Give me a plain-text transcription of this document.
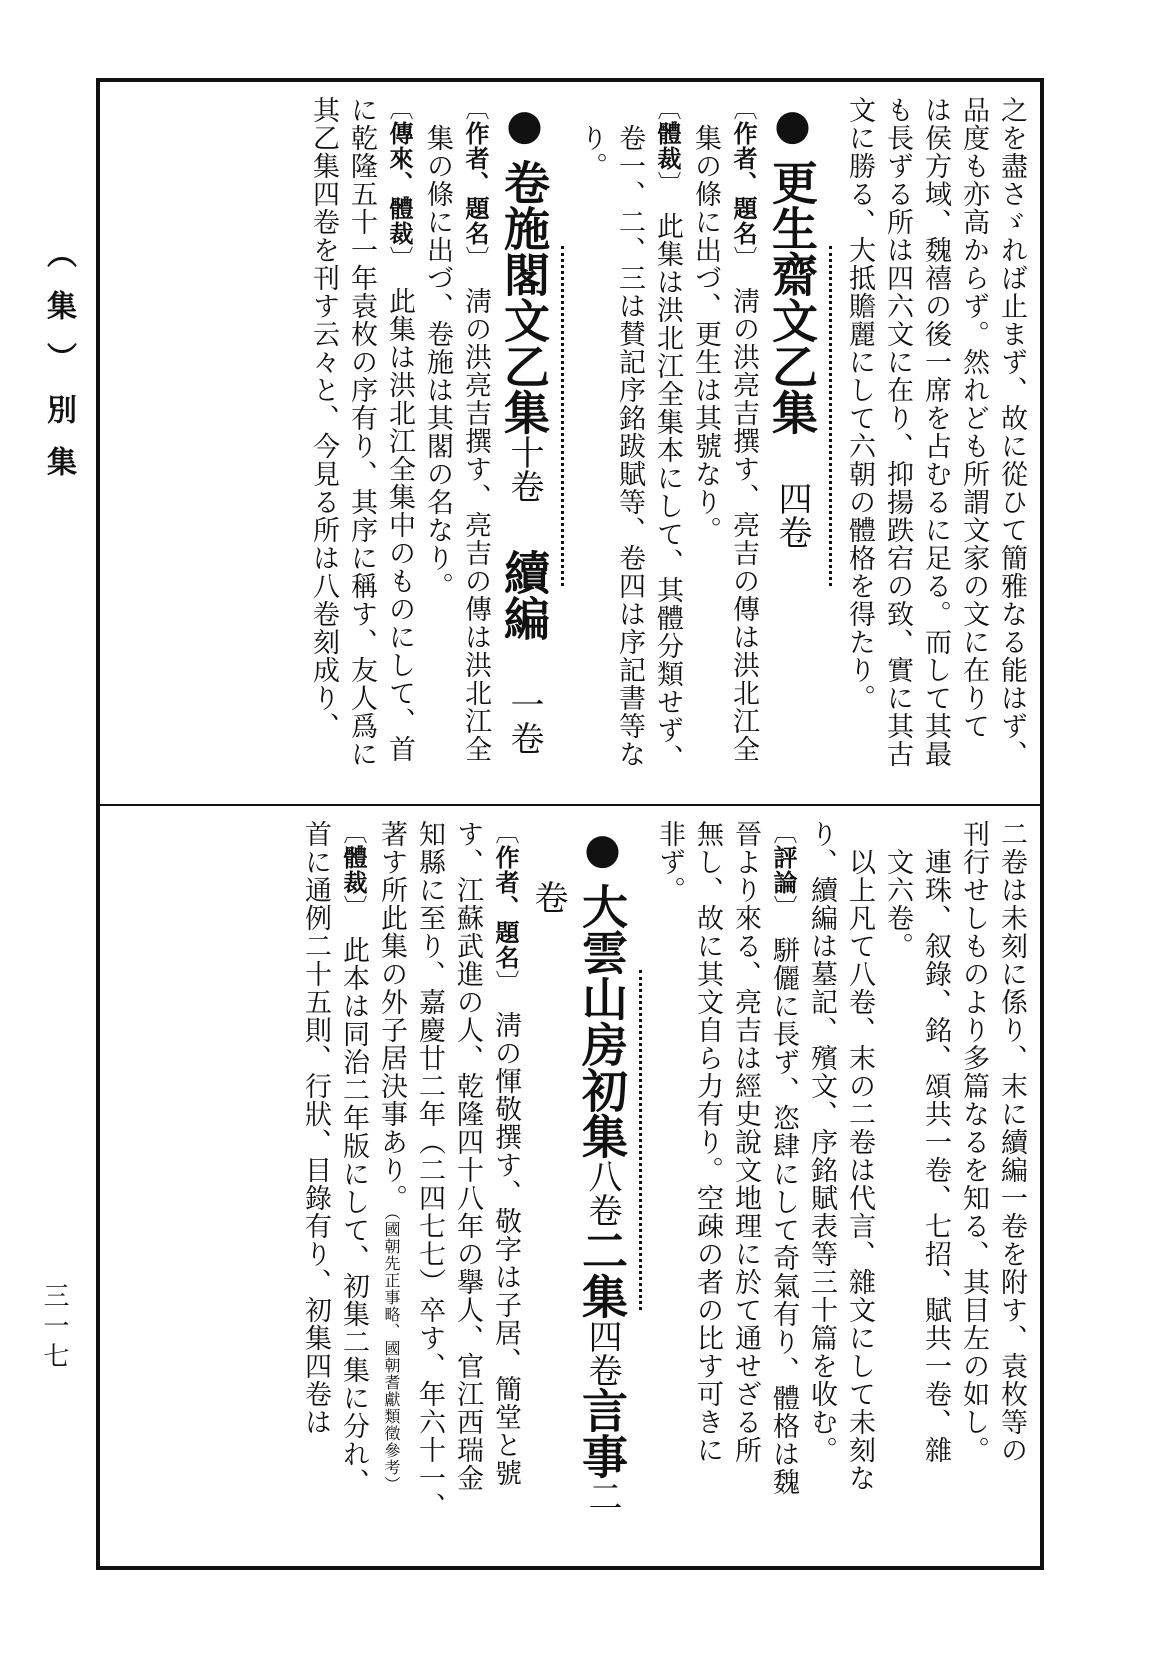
（集）別集
三一七

之を盡さゞれば止まず、故に從ひて簡雅なる能はず、

品度も亦高からず。然れども所謂文家の文に在りて

は侯方域、魏禧の後一席を占むるに足る。而して其最

も長ずる所は四六文に在り、抑揚跌宕の致、實に其古

文に勝る、大抵贍麗にして六朝の體格を得たり。

●更生齋文乙集　四卷

〔 作者、題名 〕　淸の洪亮吉撰す、亮吉の傳は洪北江全

集の條に出づ、更生は其號なり。

〔 體裁 〕　此集は洪北江全集本にして、其體分類せず、

卷一、二、三は賛記序銘跋賦等、卷四は序記書等な

り。

●卷施閣文乙集十卷　續編　一卷

〔 作者、題名 〕　淸の洪亮吉撰す、亮吉の傳は洪北江全

集の條に出づ、卷施は其閣の名なり。

〔 傳來、體裁 〕　此集は洪北江全集中のものにして、首

に乾隆五十一年袁枚の序有り、其序に稱す、友人爲に

其乙集四卷を刊す云々と、今見る所は八卷刻成り、

二卷は未刻に係り、末に續編一卷を附す、袁枚等の

刊行せしものより多篇なるを知る、其目左の如し。

連珠、叙錄、銘、頌共一卷、七招、賦共一卷、雜

文六卷。

以上凡て八卷、末の二卷は代言、雜文にして未刻な

り、續編は墓記、殯文、序銘賦表等三十篇を收む。

〔 評論 〕　駢儷に長ず、恣肆にして奇氣有り、體格は魏

晉より來る、亮吉は經史說文地理に於て通せざる所

無し、故に其文自ら力有り。空疎の者の比す可きに

非ず。

●大雲山房初集八卷二集四卷言事二

卷

〔 作者、題名 〕　淸の惲敬撰す、敬字は子居、簡堂と號

す、江蘇武進の人、乾隆四十八年の擧人、官江西瑞金

知縣に至り、嘉慶廿二年（二四七七）卒す、年六十一、

著す所此集の外子居決事あり。（國朝先正事略、國朝耆獻類徵參考）

〔 體裁 〕　此本は同治二年版にして、初集二集に分れ、

首に通例二十五則、行狀、目錄有り、初集四卷は
